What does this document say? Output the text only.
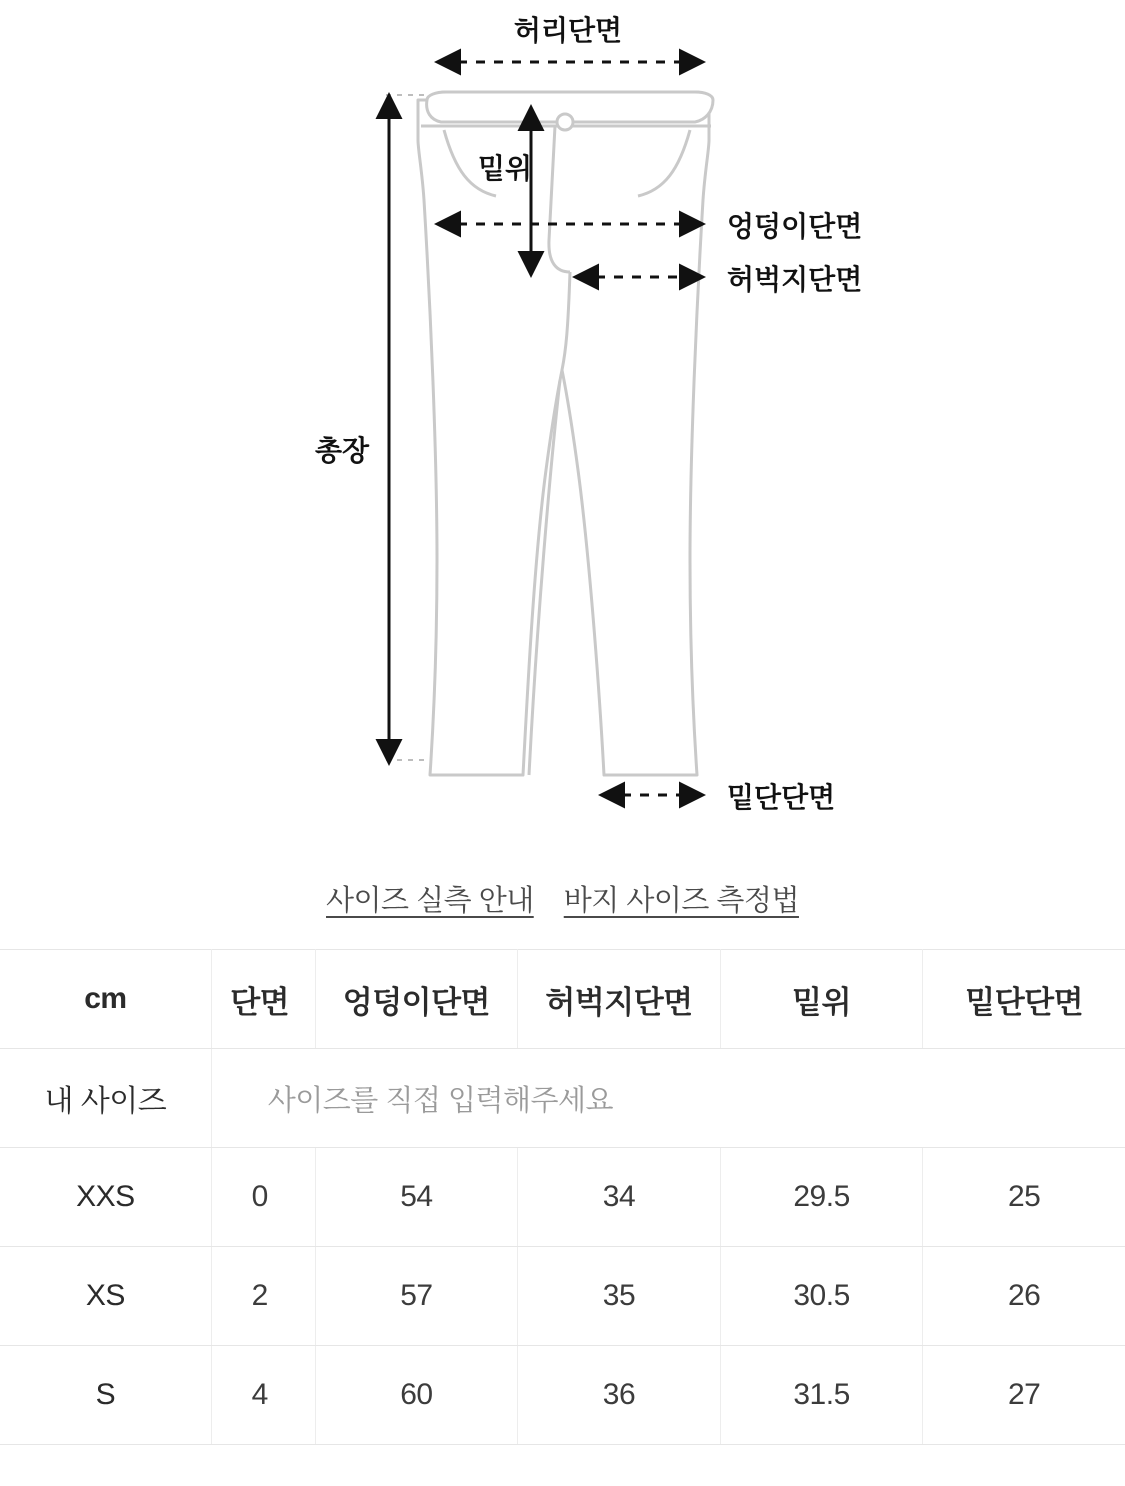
허리단면
총장
밑위
엉덩이단면
허벅지단면
밑단단면
사이즈 실측 안내 바지 사이즈 측정법
cm	단면	엉덩이단면	허벅지단면	밑위	밑단단면
내 사이즈	사이즈를 직접 입력해주세요				
XXS	0	54	34	29.5	25
XS	2	57	35	30.5	26
S	4	60	36	31.5	27
